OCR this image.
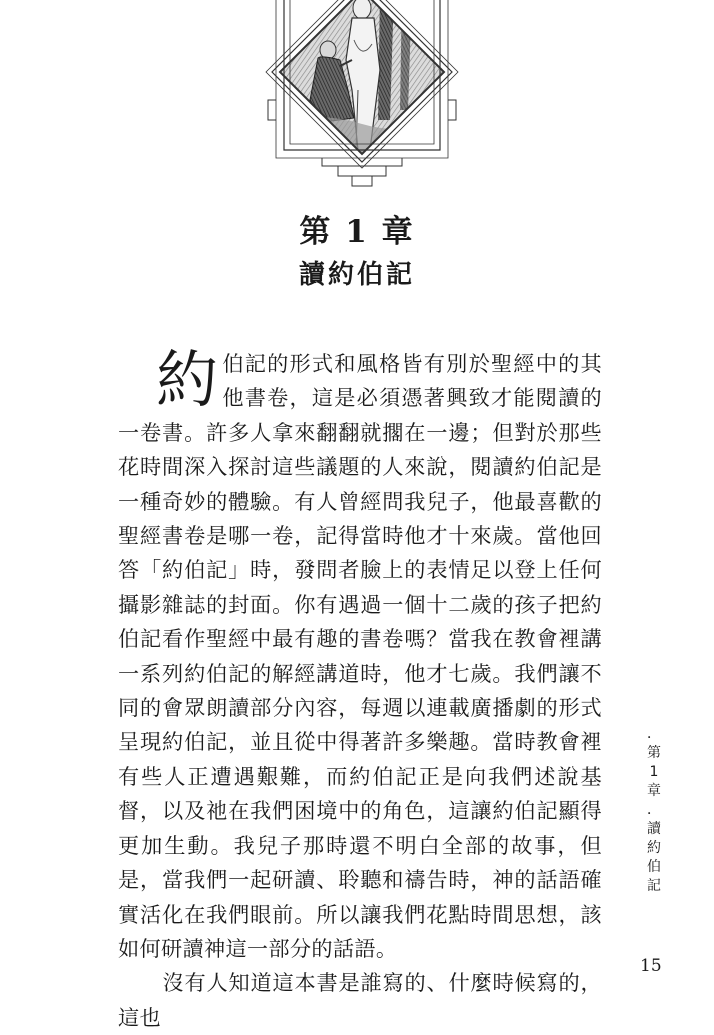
第 1 章
讀約伯記

約伯記的形式和風格皆有別於聖經中的其他書卷，這是必須憑著興致才能閱讀的一卷書。許多人拿來翻翻就擱在一邊；但對於那些花時間深入探討這些議題的人來說，閱讀約伯記是一種奇妙的體驗。有人曾經問我兒子，他最喜歡的聖經書卷是哪一卷，記得當時他才十來歲。當他回答「約伯記」時，發問者臉上的表情足以登上任何攝影雜誌的封面。你有遇過一個十二歲的孩子把約伯記看作聖經中最有趣的書卷嗎？當我在教會裡講一系列約伯記的解經講道時，他才七歲。我們讓不同的會眾朗讀部分內容，每週以連載廣播劇的形式呈現約伯記，並且從中得著許多樂趣。當時教會裡有些人正遭遇艱難，而約伯記正是向我們述說基督，以及祂在我們困境中的角色，這讓約伯記顯得更加生動。我兒子那時還不明白全部的故事，但是，當我們一起研讀、聆聽和禱告時，神的話語確實活化在我們眼前。所以讓我們花點時間思想，該如何研讀神這一部分的話語。

沒有人知道這本書是誰寫的、什麼時候寫的，這也

．
第
1
章
．
讀
約
伯
記
15
